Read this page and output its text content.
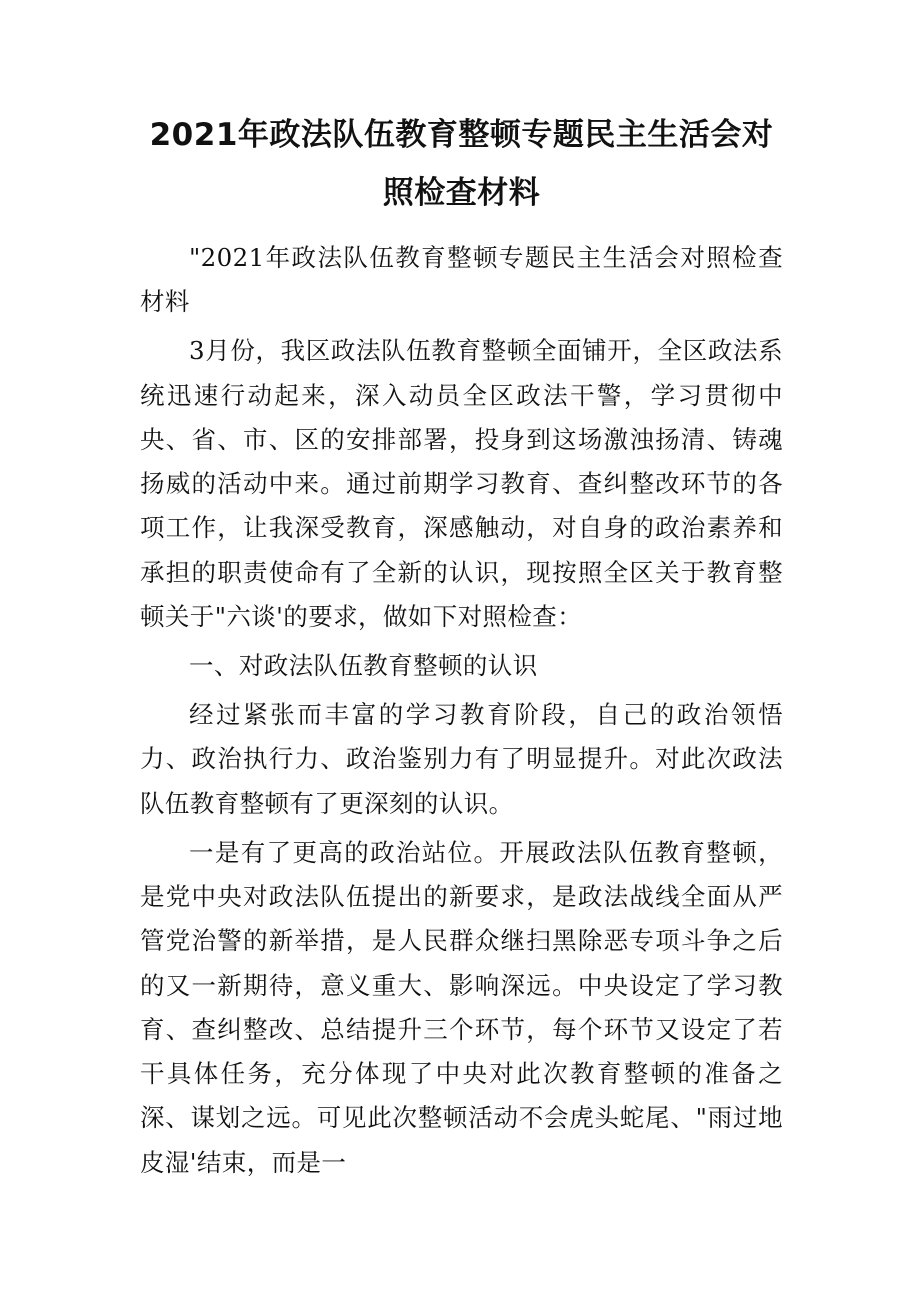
2021年政法队伍教育整顿专题民主生活会对
照检查材料

"2021年政法队伍教育整顿专题民主生活会对照检查材料

3月份，我区政法队伍教育整顿全面铺开，全区政法系统迅速行动起来，深入动员全区政法干警，学习贯彻中央、省、市、区的安排部署，投身到这场激浊扬清、铸魂扬威的活动中来。通过前期学习教育、查纠整改环节的各项工作，让我深受教育，深感触动，对自身的政治素养和承担的职责使命有了全新的认识，现按照全区关于教育整顿关于"六谈'的要求，做如下对照检查：

一、对政法队伍教育整顿的认识

经过紧张而丰富的学习教育阶段，自己的政治领悟力、政治执行力、政治鉴别力有了明显提升。对此次政法队伍教育整顿有了更深刻的认识。

一是有了更高的政治站位。开展政法队伍教育整顿，是党中央对政法队伍提出的新要求，是政法战线全面从严管党治警的新举措，是人民群众继扫黑除恶专项斗争之后的又一新期待，意义重大、影响深远。中央设定了学习教育、查纠整改、总结提升三个环节，每个环节又设定了若干具体任务，充分体现了中央对此次教育整顿的准备之深、谋划之远。可见此次整顿活动不会虎头蛇尾、"雨过地皮湿'结束，而是一
